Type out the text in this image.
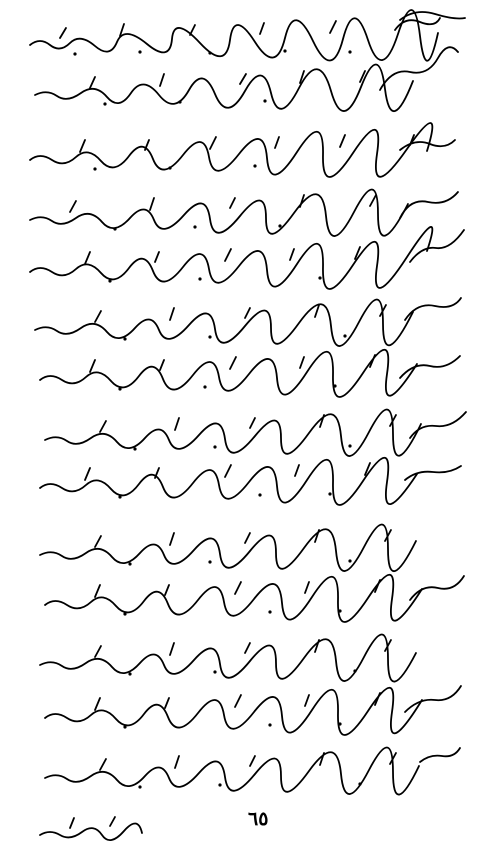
٦٥
